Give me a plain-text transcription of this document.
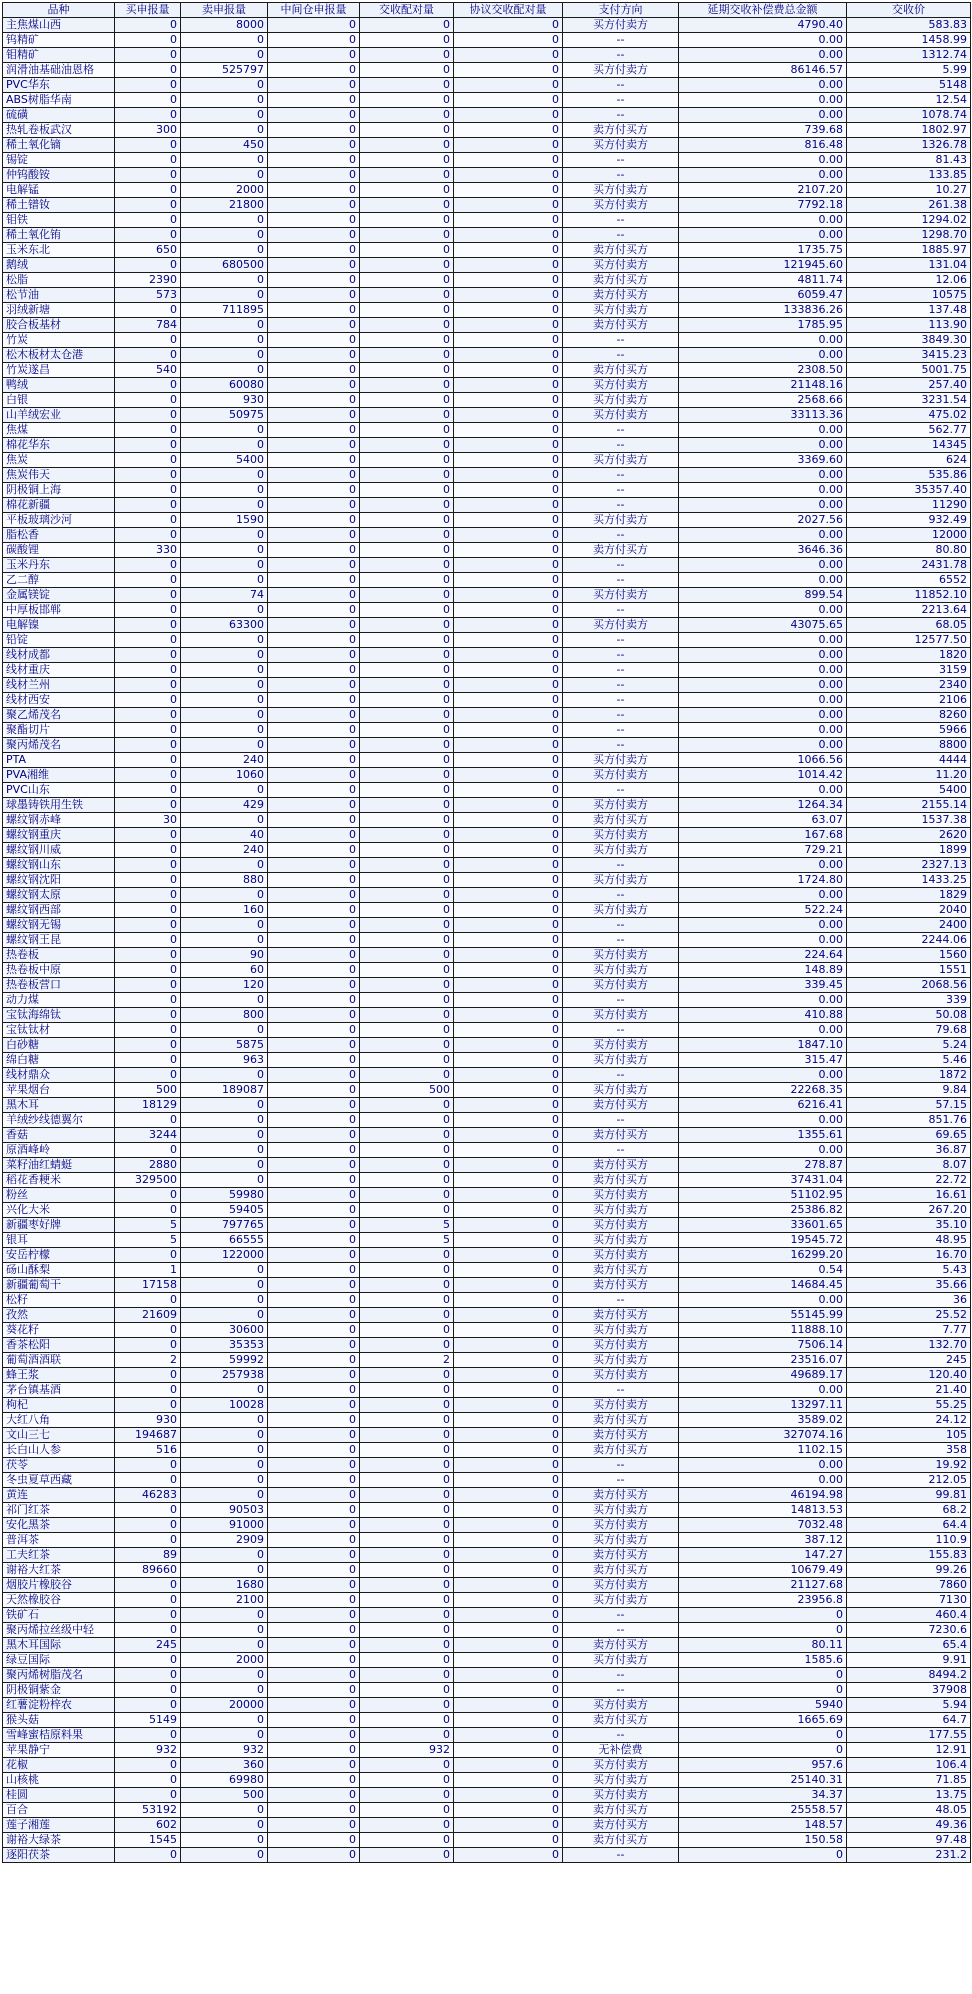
品种	买申报量	卖申报量	中间仓申报量	交收配对量	协议交收配对量	支付方向	延期交收补偿费总金额	交收价
主焦煤山西	0	8000	0	0	0	买方付卖方	4790.40	583.83
钨精矿	0	0	0	0	0	--	0.00	1458.99
钼精矿	0	0	0	0	0	--	0.00	1312.74
润滑油基础油恩格	0	525797	0	0	0	买方付卖方	86146.57	5.99
PVC华东	0	0	0	0	0	--	0.00	5148
ABS树脂华南	0	0	0	0	0	--	0.00	12.54
硫磺	0	0	0	0	0	--	0.00	1078.74
热轧卷板武汉	300	0	0	0	0	卖方付买方	739.68	1802.97
稀土氧化镝	0	450	0	0	0	买方付卖方	816.48	1326.78
锡锭	0	0	0	0	0	--	0.00	81.43
仲钨酸铵	0	0	0	0	0	--	0.00	133.85
电解锰	0	2000	0	0	0	买方付卖方	2107.20	10.27
稀土镨钕	0	21800	0	0	0	买方付卖方	7792.18	261.38
钼铁	0	0	0	0	0	--	0.00	1294.02
稀土氧化铕	0	0	0	0	0	--	0.00	1298.70
玉米东北	650	0	0	0	0	卖方付买方	1735.75	1885.97
鹅绒	0	680500	0	0	0	买方付卖方	121945.60	131.04
松脂	2390	0	0	0	0	卖方付买方	4811.74	12.06
松节油	573	0	0	0	0	卖方付买方	6059.47	10575
羽绒新塘	0	711895	0	0	0	买方付卖方	133836.26	137.48
胶合板基材	784	0	0	0	0	卖方付买方	1785.95	113.90
竹炭	0	0	0	0	0	--	0.00	3849.30
松木板材太仓港	0	0	0	0	0	--	0.00	3415.23
竹炭遂昌	540	0	0	0	0	卖方付买方	2308.50	5001.75
鸭绒	0	60080	0	0	0	买方付卖方	21148.16	257.40
白银	0	930	0	0	0	买方付卖方	2568.66	3231.54
山羊绒宏业	0	50975	0	0	0	买方付卖方	33113.36	475.02
焦煤	0	0	0	0	0	--	0.00	562.77
棉花华东	0	0	0	0	0	--	0.00	14345
焦炭	0	5400	0	0	0	买方付卖方	3369.60	624
焦炭伟天	0	0	0	0	0	--	0.00	535.86
阴极铜上海	0	0	0	0	0	--	0.00	35357.40
棉花新疆	0	0	0	0	0	--	0.00	11290
平板玻璃沙河	0	1590	0	0	0	买方付卖方	2027.56	932.49
脂松香	0	0	0	0	0	--	0.00	12000
碳酸锂	330	0	0	0	0	卖方付买方	3646.36	80.80
玉米丹东	0	0	0	0	0	--	0.00	2431.78
乙二醇	0	0	0	0	0	--	0.00	6552
金属镁锭	0	74	0	0	0	买方付卖方	899.54	11852.10
中厚板邯郸	0	0	0	0	0	--	0.00	2213.64
电解镍	0	63300	0	0	0	买方付卖方	43075.65	68.05
铅锭	0	0	0	0	0	--	0.00	12577.50
线材成都	0	0	0	0	0	--	0.00	1820
线材重庆	0	0	0	0	0	--	0.00	3159
线材兰州	0	0	0	0	0	--	0.00	2340
线材西安	0	0	0	0	0	--	0.00	2106
聚乙烯茂名	0	0	0	0	0	--	0.00	8260
聚酯切片	0	0	0	0	0	--	0.00	5966
聚丙烯茂名	0	0	0	0	0	--	0.00	8800
PTA	0	240	0	0	0	买方付卖方	1066.56	4444
PVA湘维	0	1060	0	0	0	买方付卖方	1014.42	11.20
PVC山东	0	0	0	0	0	--	0.00	5400
球墨铸铁用生铁	0	429	0	0	0	买方付卖方	1264.34	2155.14
螺纹钢赤峰	30	0	0	0	0	卖方付买方	63.07	1537.38
螺纹钢重庆	0	40	0	0	0	买方付卖方	167.68	2620
螺纹钢川威	0	240	0	0	0	买方付卖方	729.21	1899
螺纹钢山东	0	0	0	0	0	--	0.00	2327.13
螺纹钢沈阳	0	880	0	0	0	买方付卖方	1724.80	1433.25
螺纹钢太原	0	0	0	0	0	--	0.00	1829
螺纹钢西部	0	160	0	0	0	买方付卖方	522.24	2040
螺纹钢无锡	0	0	0	0	0	--	0.00	2400
螺纹钢王昆	0	0	0	0	0	--	0.00	2244.06
热卷板	0	90	0	0	0	买方付卖方	224.64	1560
热卷板中原	0	60	0	0	0	买方付卖方	148.89	1551
热卷板营口	0	120	0	0	0	买方付卖方	339.45	2068.56
动力煤	0	0	0	0	0	--	0.00	339
宝钛海绵钛	0	800	0	0	0	买方付卖方	410.88	50.08
宝钛钛材	0	0	0	0	0	--	0.00	79.68
白砂糖	0	5875	0	0	0	买方付卖方	1847.10	5.24
绵白糖	0	963	0	0	0	买方付卖方	315.47	5.46
线材鼎众	0	0	0	0	0	--	0.00	1872
苹果烟台	500	189087	0	500	0	买方付卖方	22268.35	9.84
黑木耳	18129	0	0	0	0	卖方付买方	6216.41	57.15
羊绒纱线德翼尔	0	0	0	0	0	--	0.00	851.76
香菇	3244	0	0	0	0	卖方付买方	1355.61	69.65
原酒峰岭	0	0	0	0	0	--	0.00	36.87
菜籽油红蜻蜓	2880	0	0	0	0	卖方付买方	278.87	8.07
稻花香粳米	329500	0	0	0	0	卖方付买方	37431.04	22.72
粉丝	0	59980	0	0	0	买方付卖方	51102.95	16.61
兴化大米	0	59405	0	0	0	买方付卖方	25386.82	267.20
新疆枣好牌	5	797765	0	5	0	买方付卖方	33601.65	35.10
银耳	5	66555	0	5	0	买方付卖方	19545.72	48.95
安岳柠檬	0	122000	0	0	0	买方付卖方	16299.20	16.70
砀山酥梨	1	0	0	0	0	卖方付买方	0.54	5.43
新疆葡萄干	17158	0	0	0	0	卖方付买方	14684.45	35.66
松籽	0	0	0	0	0	--	0.00	36
孜然	21609	0	0	0	0	卖方付买方	55145.99	25.52
葵花籽	0	30600	0	0	0	买方付卖方	11888.10	7.77
香茶松阳	0	35353	0	0	0	买方付卖方	7506.14	132.70
葡萄酒酒联	2	59992	0	2	0	买方付卖方	23516.07	245
蜂王浆	0	257938	0	0	0	买方付卖方	49689.17	120.40
茅台镇基酒	0	0	0	0	0	--	0.00	21.40
枸杞	0	10028	0	0	0	买方付卖方	13297.11	55.25
大红八角	930	0	0	0	0	卖方付买方	3589.02	24.12
文山三七	194687	0	0	0	0	卖方付买方	327074.16	105
长白山人参	516	0	0	0	0	卖方付买方	1102.15	358
茯苓	0	0	0	0	0	--	0.00	19.92
冬虫夏草西藏	0	0	0	0	0	--	0.00	212.05
黄连	46283	0	0	0	0	卖方付买方	46194.98	99.81
祁门红茶	0	90503	0	0	0	买方付卖方	14813.53	68.2
安化黑茶	0	91000	0	0	0	买方付卖方	7032.48	64.4
普洱茶	0	2909	0	0	0	买方付卖方	387.12	110.9
工夫红茶	89	0	0	0	0	卖方付买方	147.27	155.83
谢裕大红茶	89660	0	0	0	0	卖方付买方	10679.49	99.26
烟胶片橡胶谷	0	1680	0	0	0	买方付卖方	21127.68	7860
天然橡胶谷	0	2100	0	0	0	买方付卖方	23956.8	7130
铁矿石	0	0	0	0	0	--	0	460.4
聚丙烯拉丝级中轻	0	0	0	0	0	--	0	7230.6
黑木耳国际	245	0	0	0	0	卖方付买方	80.11	65.4
绿豆国际	0	2000	0	0	0	买方付卖方	1585.6	9.91
聚丙烯树脂茂名	0	0	0	0	0	--	0	8494.2
阴极铜紫金	0	0	0	0	0	--	0	37908
红薯淀粉梓农	0	20000	0	0	0	买方付卖方	5940	5.94
猴头菇	5149	0	0	0	0	卖方付买方	1665.69	64.7
雪峰蜜桔原料果	0	0	0	0	0	--	0	177.55
苹果静宁	932	932	0	932	0	无补偿费	0	12.91
花椒	0	360	0	0	0	买方付卖方	957.6	106.4
山核桃	0	69980	0	0	0	买方付卖方	25140.31	71.85
桂圆	0	500	0	0	0	买方付卖方	34.37	13.75
百合	53192	0	0	0	0	卖方付买方	25558.57	48.05
莲子湘莲	602	0	0	0	0	卖方付买方	148.57	49.36
谢裕大绿茶	1545	0	0	0	0	卖方付买方	150.58	97.48
逐阳茯茶	0	0	0	0	0	--	0	231.2
